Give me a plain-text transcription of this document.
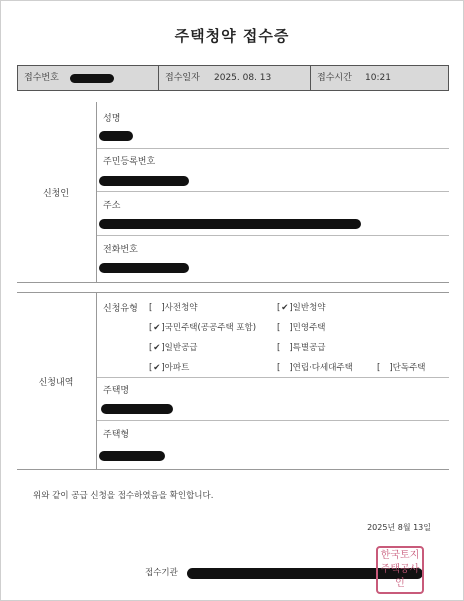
주택청약 접수증
접수번호	접수일자 2025. 08. 13	접수시간 10:21
신청인
성명
주민등록번호
주소
전화번호
신청내역
신청유형 [ ]사전청약	[✔]일반청약
[✔]국민주택(공공주택 포함) [ ]민영주택
[✔]일반공급	[ ]특별공급
[✔]아파트	[ ]연립·다세대주택	[ ]단독주택
주택명
주택형
위와 같이 공급 신청을 접수하였음을 확인합니다.
2025년 8월 13일
접수기관
한국토지
주택공사
인
